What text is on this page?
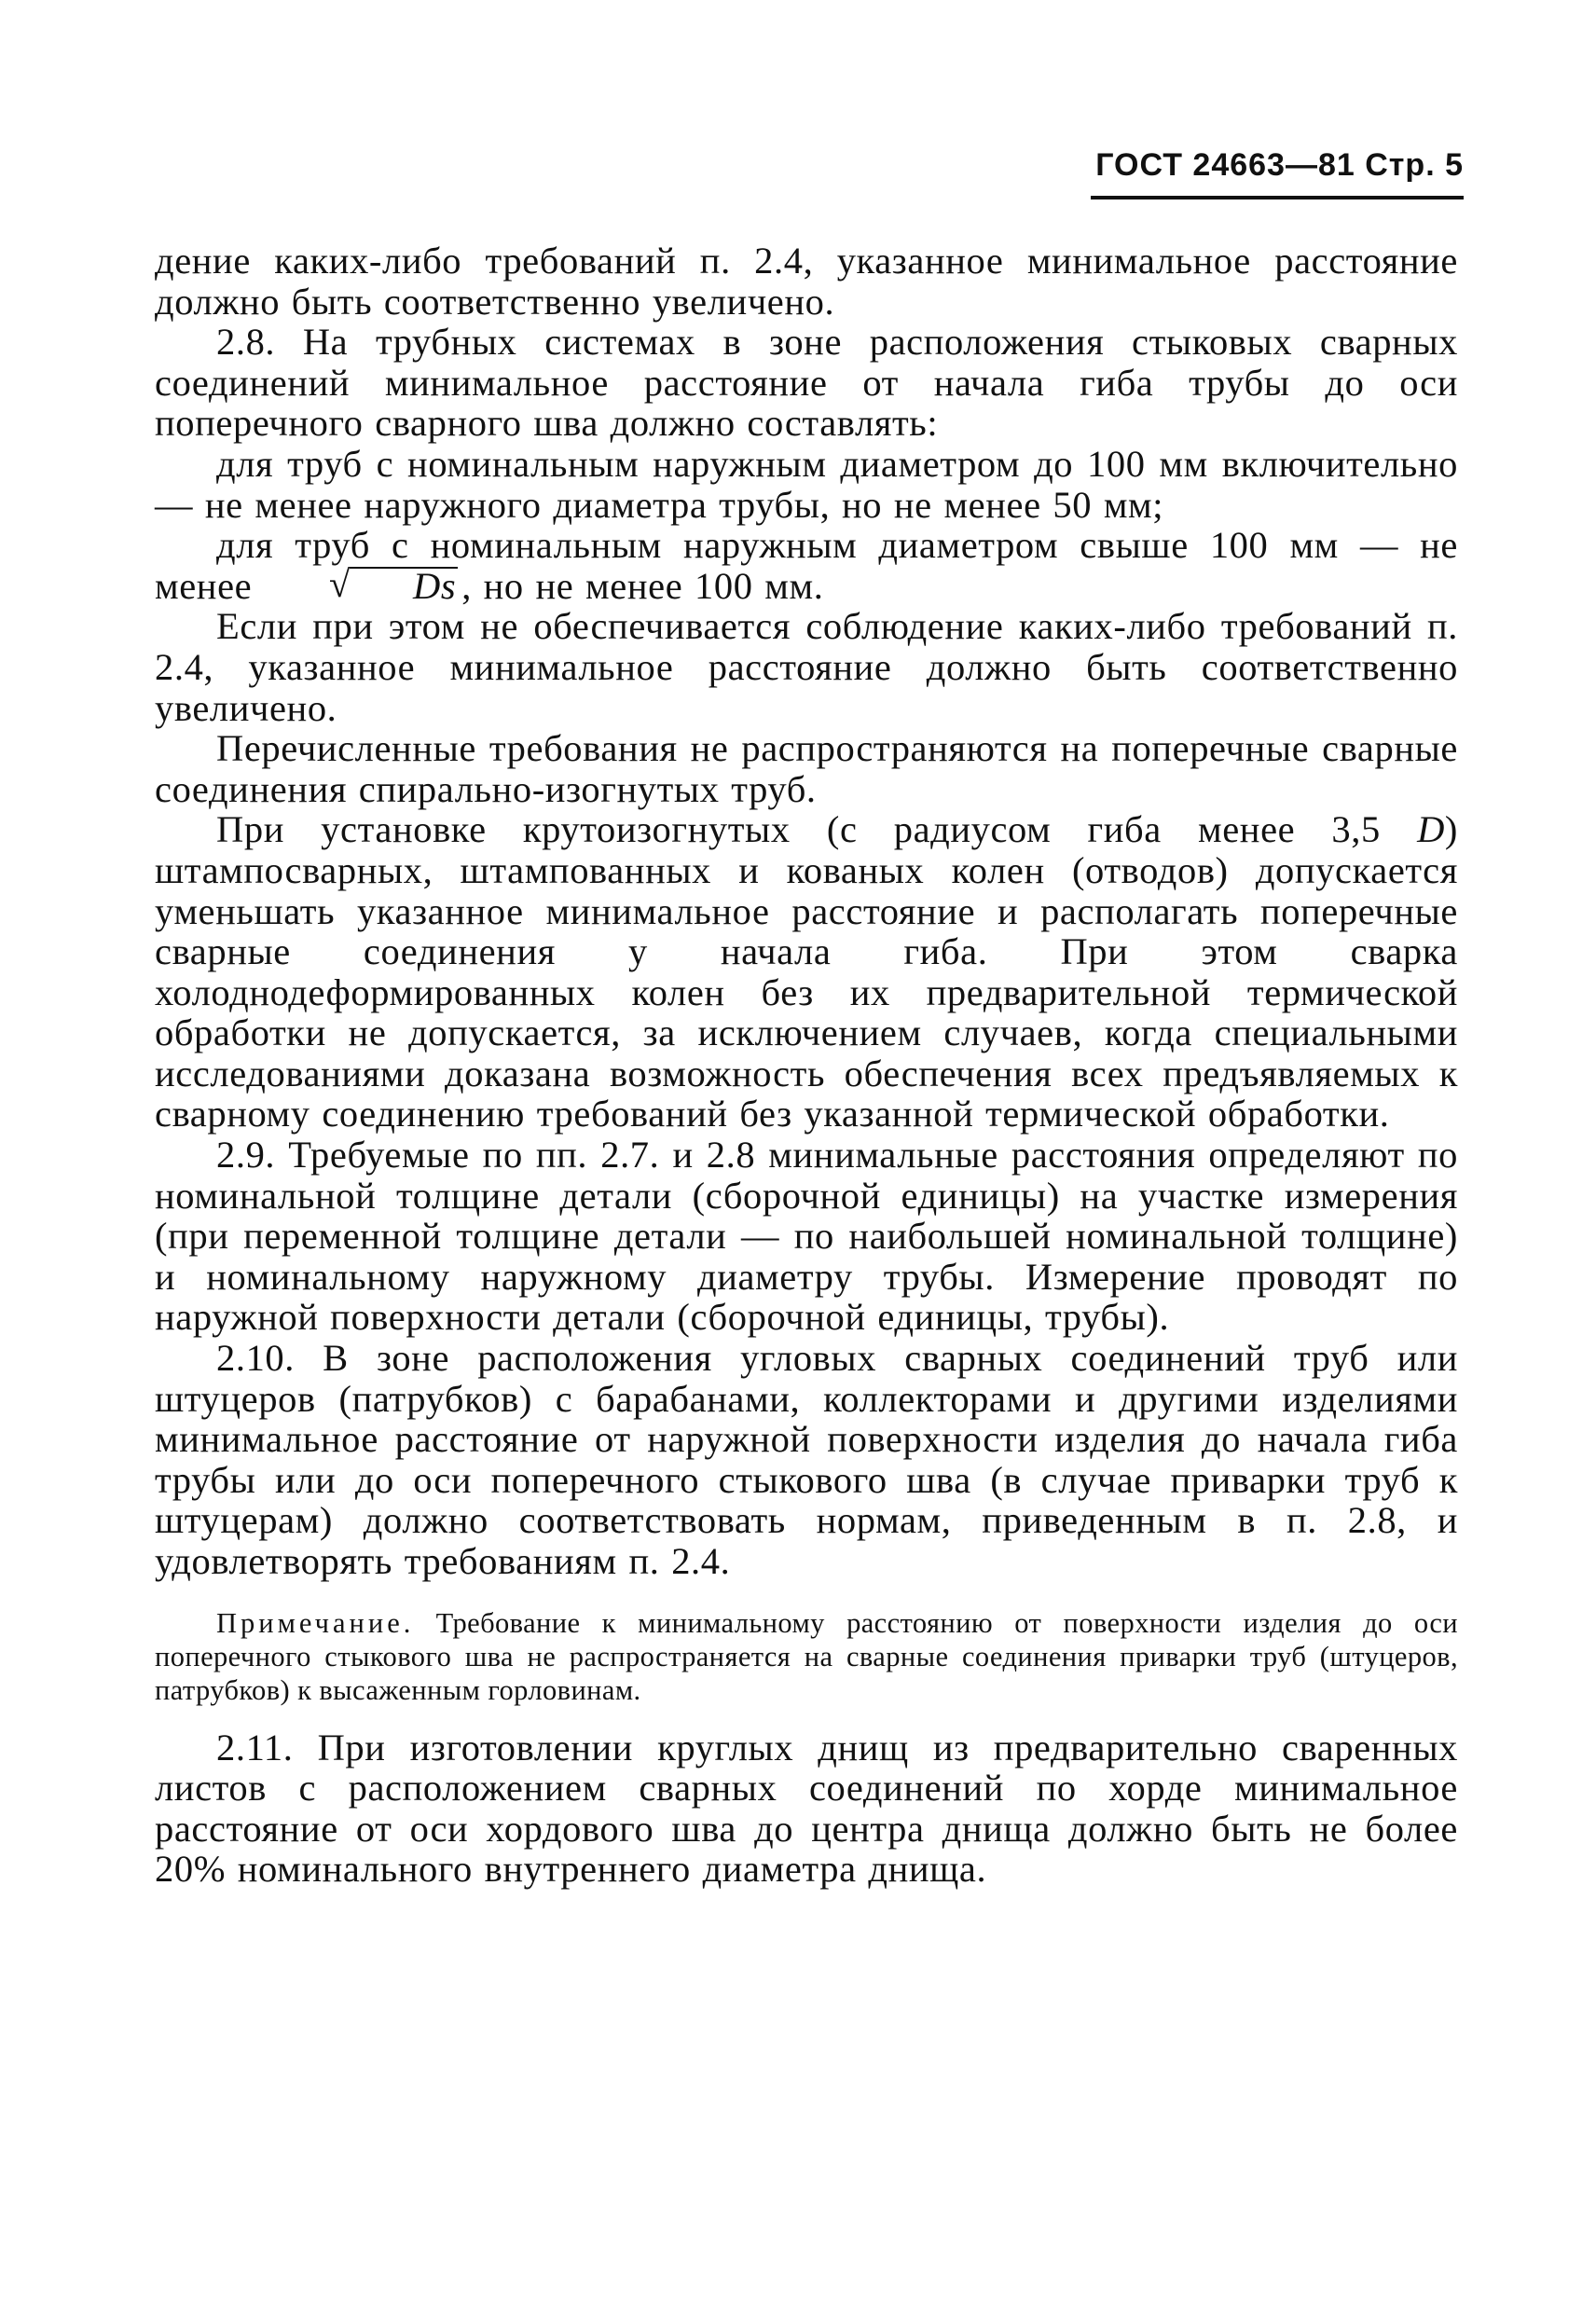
ГОСТ 24663—81 Стр. 5

дение каких-либо требований п. 2.4, указанное минимальное расстояние должно быть соответственно увеличено.

2.8. На трубных системах в зоне расположения стыковых сварных соединений минимальное расстояние от начала гиба трубы до оси поперечного сварного шва должно составлять:

для труб с номинальным наружным диаметром до 100 мм включительно — не менее наружного диаметра трубы, но не менее 50 мм;

для труб с номинальным наружным диаметром свыше 100 мм — не менее	√ Ds , но не менее 100 мм.

Если при этом не обеспечивается соблюдение каких-либо требований п. 2.4, указанное минимальное расстояние должно быть соответственно увеличено.

Перечисленные требования не распространяются на поперечные сварные соединения спирально-изогнутых труб.

При установке крутоизогнутых (с радиусом гиба менее 3,5 D) штампосварных, штампованных и кованых колен (отводов) допускается уменьшать указанное минимальное расстояние и располагать поперечные сварные соединения у начала гиба. При этом сварка холоднодеформированных колен без их предварительной термической обработки не допускается, за исключением случаев, когда специальными исследованиями доказана возможность обеспечения всех предъявляемых к сварному соединению требований без указанной термической обработки.

2.9. Требуемые по пп. 2.7. и 2.8 минимальные расстояния определяют по номинальной толщине детали (сборочной единицы) на участке измерения (при переменной толщине детали — по наибольшей номинальной толщине) и номинальному наружному диаметру трубы. Измерение проводят по наружной поверхности детали (сборочной единицы, трубы).

2.10. В зоне расположения угловых сварных соединений труб или штуцеров (патрубков) с барабанами, коллекторами и другими изделиями минимальное расстояние от наружной поверхности изделия до начала гиба трубы или до оси поперечного стыкового шва (в случае приварки труб к штуцерам) должно соответствовать нормам, приведенным в п. 2.8, и удовлетворять требованиям п. 2.4.

Примечание. Требование к минимальному расстоянию от поверхности изделия до оси поперечного стыкового шва не распространяется на сварные соединения приварки труб (штуцеров, патрубков) к высаженным горловинам.

2.11. При изготовлении круглых днищ из предварительно сваренных листов с расположением сварных соединений по хорде минимальное расстояние от оси хордового шва до центра днища должно быть не более 20% номинального внутреннего диаметра днища.
